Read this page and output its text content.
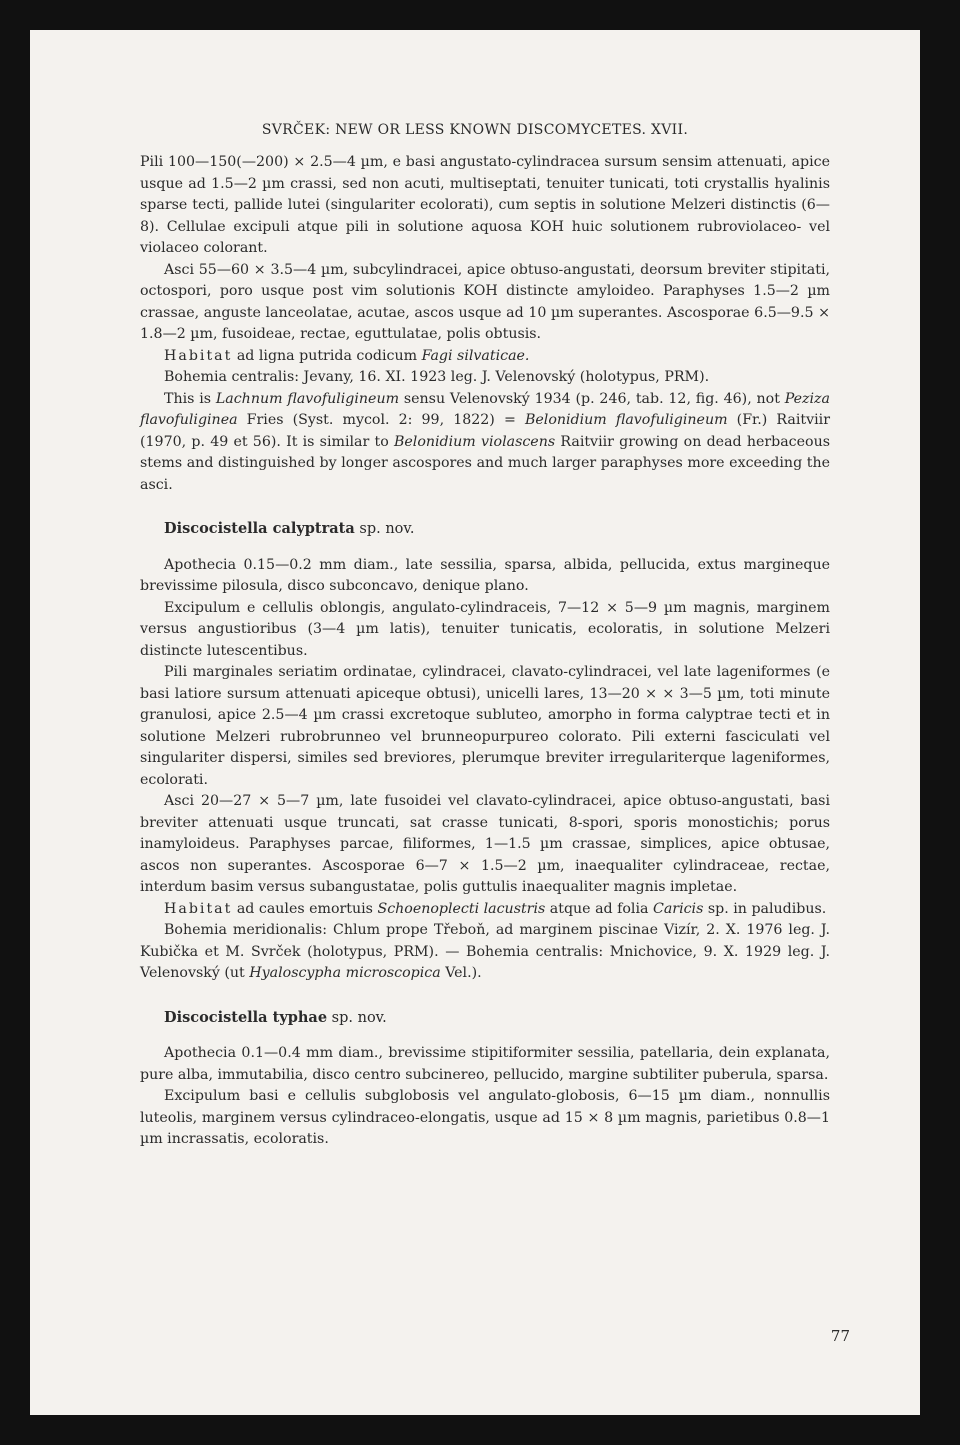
SVRČEK: NEW OR LESS KNOWN DISCOMYCETES. XVII.

Pili 100—150(—200) × 2.5—4 µm, e basi angustato-cylindracea sursum sensim attenuati, apice usque ad 1.5—2 µm crassi, sed non acuti, multiseptati, tenuiter tunicati, toti crystallis hyalinis sparse tecti, pallide lutei (singulariter ecolorati), cum septis in solutione Melzeri distinctis (6—8). Cellulae excipuli atque pili in solutione aquosa KOH huic solutionem rubroviolaceo- vel violaceo colorant.

Asci 55—60 × 3.5—4 µm, subcylindracei, apice obtuso-angustati, deorsum breviter stipitati, octospori, poro usque post vim solutionis KOH distincte amyloideo. Paraphyses 1.5—2 µm crassae, anguste lanceolatae, acutae, ascos usque ad 10 µm superantes. Ascosporae 6.5—9.5 × 1.8—2 µm, fusoideae, rectae, eguttulatae, polis obtusis.

Habitat ad ligna putrida codicum Fagi silvaticae.

Bohemia centralis: Jevany, 16. XI. 1923 leg. J. Velenovský (holotypus, PRM).

This is Lachnum flavofuligineum sensu Velenovský 1934 (p. 246, tab. 12, fig. 46), not Peziza flavofuliginea Fries (Syst. mycol. 2: 99, 1822) = Belonidium flavofuligineum (Fr.) Raitviir (1970, p. 49 et 56). It is similar to Belonidium violascens Raitviir growing on dead herbaceous stems and distinguished by longer ascospores and much larger paraphyses more exceeding the asci.

Discocistella calyptrata sp. nov.

Apothecia 0.15—0.2 mm diam., late sessilia, sparsa, albida, pellucida, extus margineque brevissime pilosula, disco subconcavo, denique plano.

Excipulum e cellulis oblongis, angulato-cylindraceis, 7—12 × 5—9 µm magnis, marginem versus angustioribus (3—4 µm latis), tenuiter tunicatis, ecoloratis, in solutione Melzeri distincte lutescentibus.

Pili marginales seriatim ordinatae, cylindracei, clavato-cylindracei, vel late lageniformes (e basi latiore sursum attenuati apiceque obtusi), unicelli lares, 13—20 × × 3—5 µm, toti minute granulosi, apice 2.5—4 µm crassi excretoque subluteo, amorpho in forma calyptrae tecti et in solutione Melzeri rubrobrunneo vel brunneopurpureo colorato. Pili externi fasciculati vel singulariter dispersi, similes sed breviores, plerumque breviter irregulariterque lageniformes, ecolorati.

Asci 20—27 × 5—7 µm, late fusoidei vel clavato-cylindracei, apice obtuso-angustati, basi breviter attenuati usque truncati, sat crasse tunicati, 8-spori, sporis monostichis; porus inamyloideus. Paraphyses parcae, filiformes, 1—1.5 µm crassae, simplices, apice obtusae, ascos non superantes. Ascosporae 6—7 × 1.5—2 µm, inaequaliter cylindraceae, rectae, interdum basim versus subangustatae, polis guttulis inaequaliter magnis impletae.

Habitat ad caules emortuis Schoenoplecti lacustris atque ad folia Caricis sp. in paludibus.

Bohemia meridionalis: Chlum prope Třeboň, ad marginem piscinae Vizír, 2. X. 1976 leg. J. Kubička et M. Svrček (holotypus, PRM). — Bohemia centralis: Mnichovice, 9. X. 1929 leg. J. Velenovský (ut Hyaloscypha microscopica Vel.).

Discocistella typhae sp. nov.

Apothecia 0.1—0.4 mm diam., brevissime stipitiformiter sessilia, patellaria, dein explanata, pure alba, immutabilia, disco centro subcinereo, pellucido, margine subtiliter puberula, sparsa.

Excipulum basi e cellulis subglobosis vel angulato-globosis, 6—15 µm diam., nonnullis luteolis, marginem versus cylindraceo-elongatis, usque ad 15 × 8 µm magnis, parietibus 0.8—1 µm incrassatis, ecoloratis.

77
